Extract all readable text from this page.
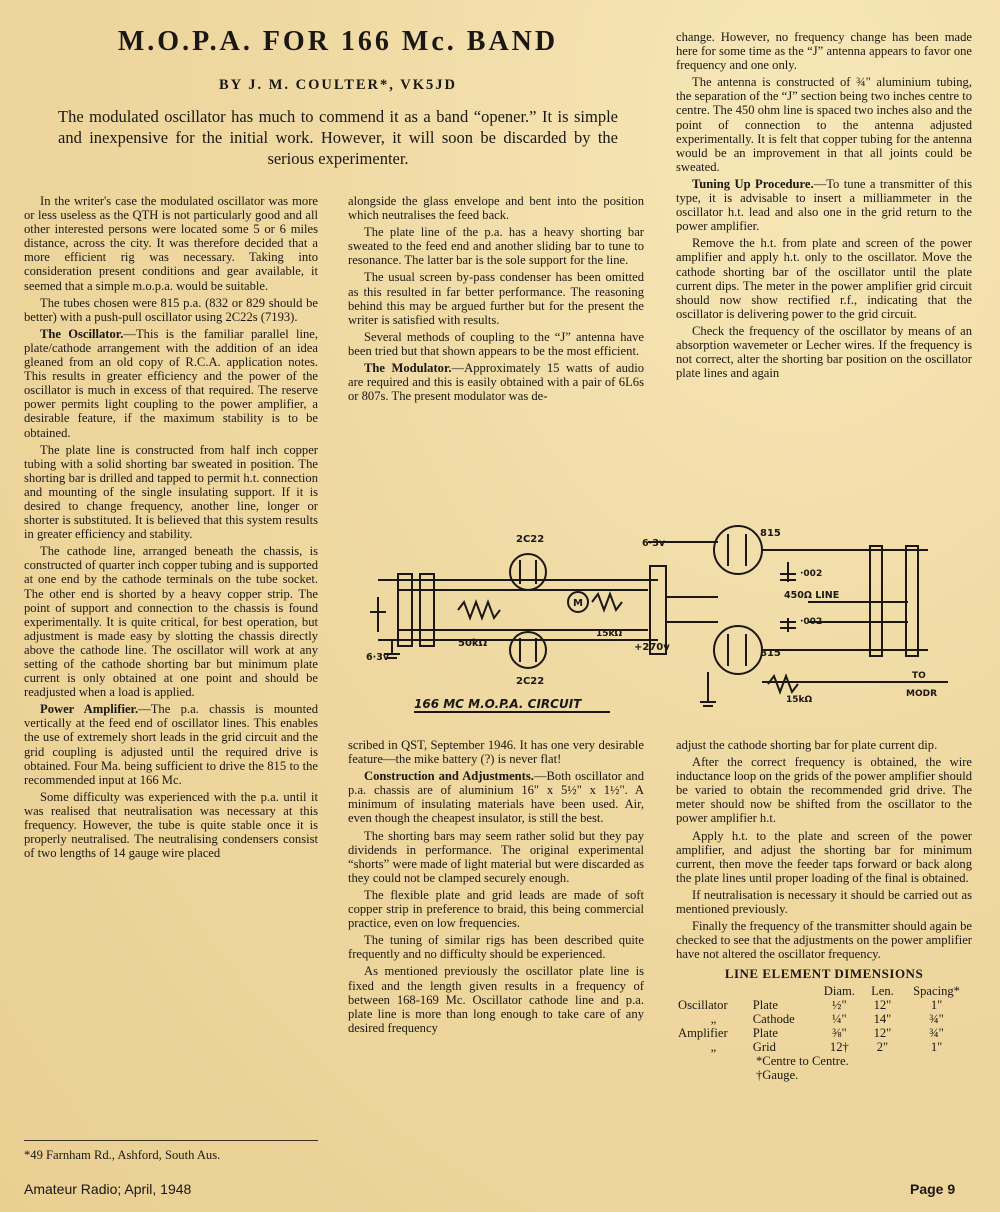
M.O.P.A. FOR 166 Mc. BAND
BY J. M. COULTER*, VK5JD

The modulated oscillator has much to commend it as a band “opener.” It is simple and inexpensive for the initial work. However, it will soon be discarded by the serious experimenter.

In the writer's case the modulated oscillator was more or less useless as the QTH is not particularly good and all other interested persons were located some 5 or 6 miles distance, across the city. It was therefore decided that a more efficient rig was necessary. Taking into consideration present conditions and gear available, it seemed that a simple m.o.p.a. would be suitable.

The tubes chosen were 815 p.a. (832 or 829 should be better) with a push-pull oscillator using 2C22s (7193).

The Oscillator.—This is the familiar parallel line, plate/cathode arrangement with the addition of an idea gleaned from an old copy of R.C.A. application notes. This results in greater efficiency and the power of the oscillator is much in excess of that required. The reserve power permits light coupling to the power amplifier, a desirable feature, if the maximum stability is to be obtained.

The plate line is constructed from half inch copper tubing with a solid shorting bar sweated in position. The shorting bar is drilled and tapped to permit h.t. connection and mounting of the single insulating support. If it is desired to change frequency, another line, longer or shorter is substituted. It is believed that this system results in greater efficiency and stability.

The cathode line, arranged beneath the chassis, is constructed of quarter inch copper tubing and is supported at one end by the cathode terminals on the tube socket. The other end is shorted by a heavy copper strip. The point of support and connection to the chassis is found experimentally. It is quite critical, for best operation, but adjustment is made easy by slotting the chassis directly above the cathode line. The oscillator will work at any setting of the cathode shorting bar but minimum plate current is only obtained at one point and should be readjusted when a load is applied.

Power Amplifier.—The p.a. chassis is mounted vertically at the feed end of oscillator lines. This enables the use of extremely short leads in the grid circuit and the grid coupling is adjusted until the required drive is obtained. Four Ma. being sufficient to drive the 815 to the recommended input at 166 Mc.

Some difficulty was experienced with the p.a. until it was realised that neutralisation was necessary at this frequency. However, the tube is quite stable once it is properly neutralised. The neutralising condensers consist of two lengths of 14 gauge wire placed

alongside the glass envelope and bent into the position which neutralises the feed back.

The plate line of the p.a. has a heavy shorting bar sweated to the feed end and another sliding bar to tune to resonance. The latter bar is the sole support for the line.

The usual screen by-pass condenser has been omitted as this resulted in far better performance. The reasoning behind this may be argued further but for the present the writer is satisfied with results.

Several methods of coupling to the “J” antenna have been tried but that shown appears to be the most efficient.

The Modulator.—Approximately 15 watts of audio are required and this is easily obtained with a pair of 6L6s or 807s. The present modulator was de-

2C22
2C22
815
815
6·3v
6·3v
50kΩ
15kΩ
15kΩ
+270v
·002
·002
450Ω LINE
M
TO
MODR
166 MC M.O.P.A. CIRCUIT

scribed in QST, September 1946. It has one very desirable feature—the mike battery (?) is never flat!

Construction and Adjustments.—Both oscillator and p.a. chassis are of aluminium 16" x 5½" x 1½". A minimum of insulating materials have been used. Air, even though the cheapest insulator, is still the best.

The shorting bars may seem rather solid but they pay dividends in performance. The original experimental “shorts” were made of light material but were discarded as they could not be clamped securely enough.

The flexible plate and grid leads are made of soft copper strip in preference to braid, this being commercial practice, even on low frequencies.

The tuning of similar rigs has been described quite frequently and no difficulty should be experienced.

As mentioned previously the oscillator plate line is fixed and the length given results in a frequency of between 168-169 Mc. Oscillator cathode line and p.a. plate line is more than long enough to take care of any desired frequency

change. However, no frequency change has been made here for some time as the “J” antenna appears to favor one frequency and one only.

The antenna is constructed of ¾" aluminium tubing, the separation of the “J” section being two inches centre to centre. The 450 ohm line is spaced two inches also and the point of connection to the antenna adjusted experimentally. It is felt that copper tubing for the antenna would be an improvement in that all joints could be sweated.

Tuning Up Procedure.—To tune a transmitter of this type, it is advisable to insert a milliammeter in the oscillator h.t. lead and also one in the grid return to the power amplifier.

Remove the h.t. from plate and screen of the power amplifier and apply h.t. only to the oscillator. Move the cathode shorting bar of the oscillator until the plate current dips. The meter in the power amplifier grid circuit should now show rectified r.f., indicating that the oscillator is delivering power to the grid circuit.

Check the frequency of the oscillator by means of an absorption wavemeter or Lecher wires. If the frequency is not correct, alter the shorting bar position on the oscillator plate lines and again

adjust the cathode shorting bar for plate current dip.

After the correct frequency is obtained, the wire inductance loop on the grids of the power amplifier should be varied to obtain the recommended grid drive. The meter should now be shifted from the oscillator to the power amplifier h.t.

Apply h.t. to the plate and screen of the power amplifier, and adjust the shorting bar for minimum current, then move the feeder taps forward or back along the plate lines until proper loading of the final is obtained.

If neutralisation is necessary it should be carried out as mentioned previously.

Finally the frequency of the transmitter should again be checked to see that the adjustments on the power amplifier have not altered the oscillator frequency.

LINE ELEMENT DIMENSIONS
		Diam.	Len.	Spacing*
Oscillator	Plate	½"	12"	1"
„	Cathode	¼"	14"	¾"
Amplifier	Plate	⅜"	12"	¾"
„	Grid	12†	2"	1"
*Centre to Centre.
†Gauge.
*49 Farnham Rd., Ashford, South Aus.
Amateur Radio; April, 1948	Page 9
